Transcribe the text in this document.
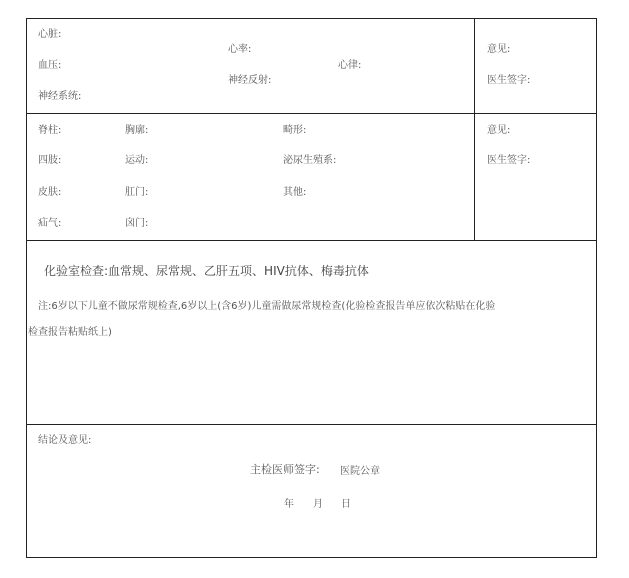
心脏:
心率:
血压:	心律:
神经反射:
神经系统:
意见:
医生签字:
脊柱:	胸廓:	畸形:
四肢:	运动:	泌尿生殖系:
皮肤:	肛门:	其他:
疝气:	囟门:
意见:
医生签字:
化验室检查:血常规、尿常规、乙肝五项、HIV抗体、梅毒抗体
注:6岁以下儿童不做尿常规检查,6岁以上(含6岁)儿童需做尿常规检查(化验检查报告单应依次粘贴在化验
检查报告粘贴纸上)
结论及意见:
主检医师签字: 医院公章
年 月 日
